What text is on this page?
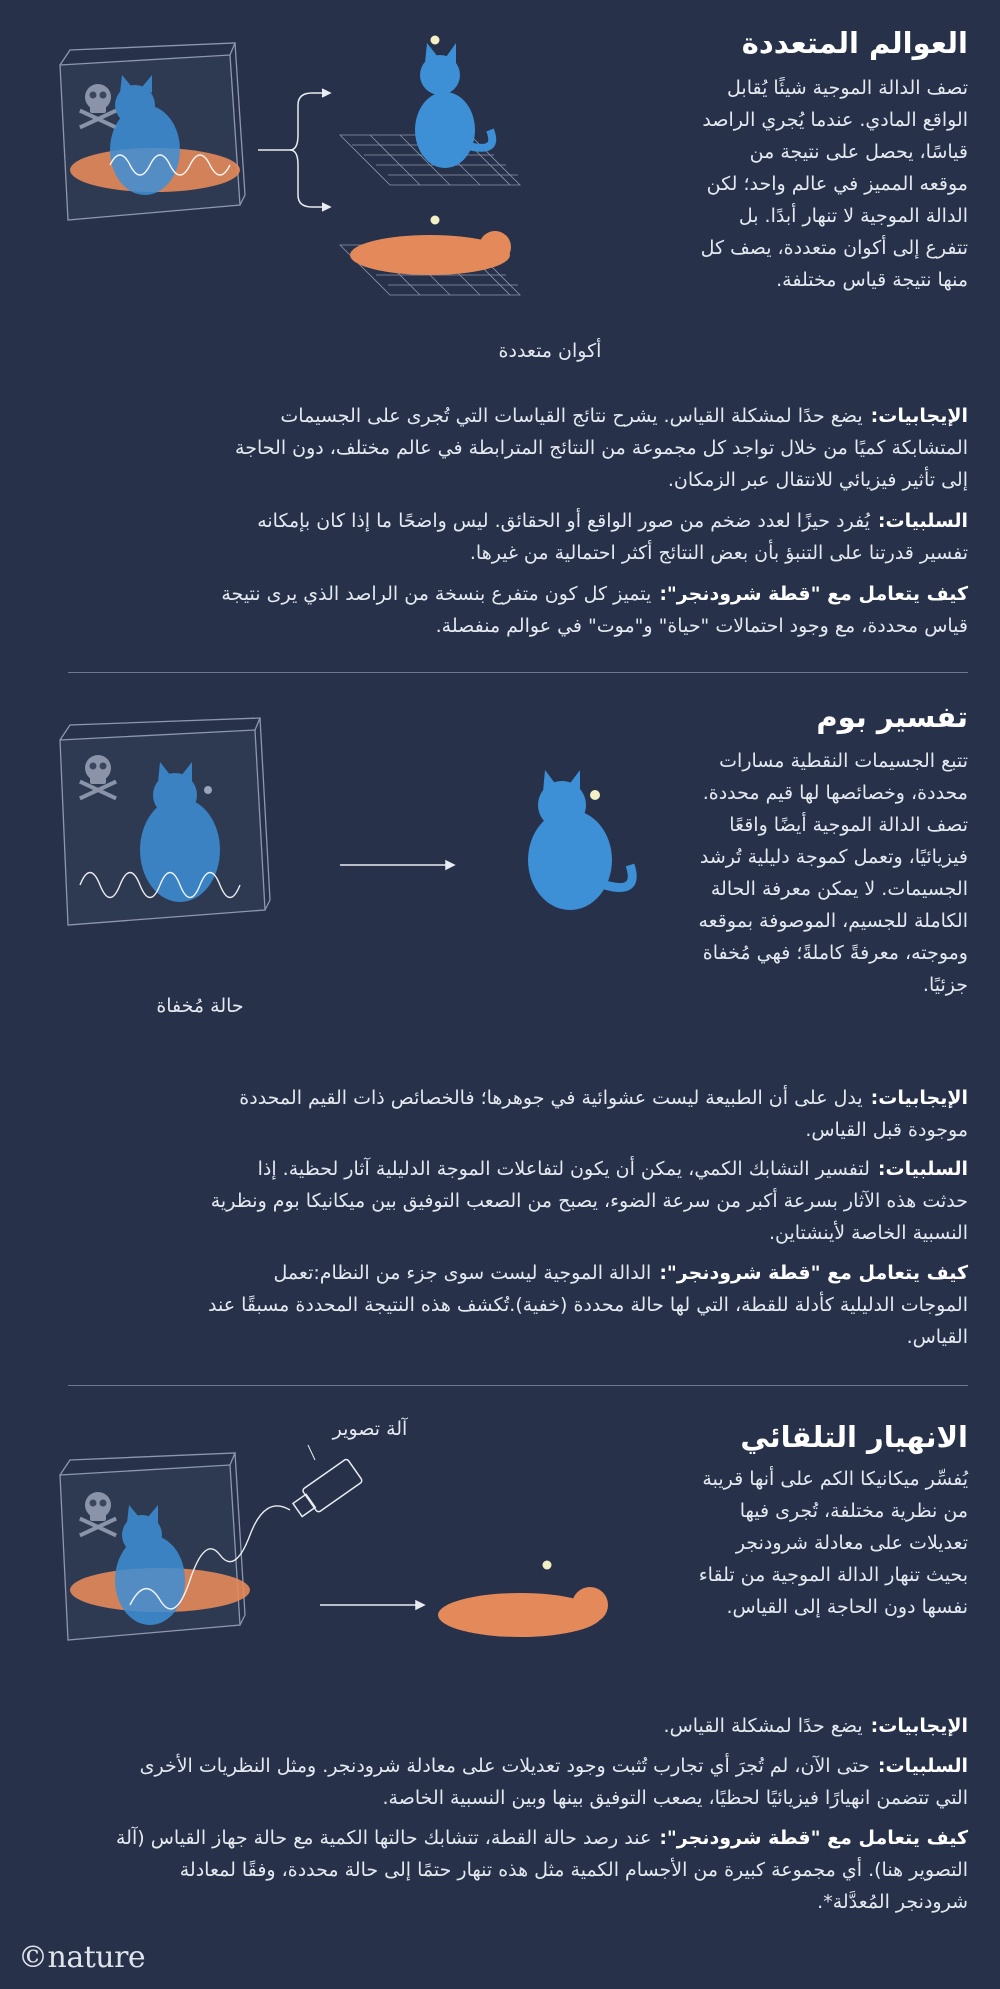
العوالم المتعددة
تصف الدالة الموجية شيئًا يُقابل الواقع المادي. عندما يُجري الراصد قياسًا، يحصل على نتيجة من موقعه المميز في عالم واحد؛ لكن الدالة الموجية لا تنهار أبدًا. بل تتفرع إلى أكوان متعددة، يصف كل منها نتيجة قياس مختلفة.
أكوان متعددة
الإيجابيات:يضع حدًا لمشكلة القياس. يشرح نتائج القياسات التي تُجرى على الجسيمات المتشابكة كميًا من خلال تواجد كل مجموعة من النتائج المترابطة في عالم مختلف، دون الحاجة إلى تأثير فيزيائي للانتقال عبر الزمكان.
السلبيات:يُفرد حيزًا لعدد ضخم من صور الواقع أو الحقائق. ليس واضحًا ما إذا كان بإمكانه تفسير قدرتنا على التنبؤ بأن بعض النتائج أكثر احتمالية من غيرها.
كيف يتعامل مع "قطة شرودنجر":يتميز كل كون متفرع بنسخة من الراصد الذي يرى نتيجة قياس محددة، مع وجود احتمالات "حياة" و"موت" في عوالم منفصلة.
تفسير بوم
تتبع الجسيمات النقطية مسارات محددة، وخصائصها لها قيم محددة. تصف الدالة الموجية أيضًا واقعًا فيزيائيًا، وتعمل كموجة دليلية تُرشد الجسيمات. لا يمكن معرفة الحالة الكاملة للجسيم، الموصوفة بموقعه وموجته، معرفةً كاملةً؛ فهي مُخفاة جزئيًا.
حالة مُخفاة
الإيجابيات:يدل على أن الطبيعة ليست عشوائية في جوهرها؛ فالخصائص ذات القيم المحددة موجودة قبل القياس.
السلبيات:لتفسير التشابك الكمي، يمكن أن يكون لتفاعلات الموجة الدليلية آثار لحظية. إذا حدثت هذه الآثار بسرعة أكبر من سرعة الضوء، يصبح من الصعب التوفيق بين ميكانيكا بوم ونظرية النسبية الخاصة لأينشتاين.
كيف يتعامل مع "قطة شرودنجر":الدالة الموجية ليست سوى جزء من النظام:تعمل الموجات الدليلية كأدلة للقطة، التي لها حالة محددة (خفية).تُكشف هذه النتيجة المحددة مسبقًا عند القياس.
الانهيار التلقائي
يُفسِّر ميكانيكا الكم على أنها قريبة من نظرية مختلفة، تُجرى فيها تعديلات على معادلة شرودنجر بحيث تنهار الدالة الموجية من تلقاء نفسها دون الحاجة إلى القياس.
آلة تصوير
الإيجابيات:يضع حدًا لمشكلة القياس.
السلبيات:حتى الآن، لم تُجرَ أي تجارب تُثبت وجود تعديلات على معادلة شرودنجر. ومثل النظريات الأخرى التي تتضمن انهيارًا فيزيائيًا لحظيًا، يصعب التوفيق بينها وبين النسبية الخاصة.
كيف يتعامل مع "قطة شرودنجر":عند رصد حالة القطة، تتشابك حالتها الكمية مع حالة جهاز القياس (آلة التصوير هنا). أي مجموعة كبيرة من الأجسام الكمية مثل هذه تنهار حتمًا إلى حالة محددة، وفقًا لمعادلة شرودنجر المُعدَّلة*.
©nature
